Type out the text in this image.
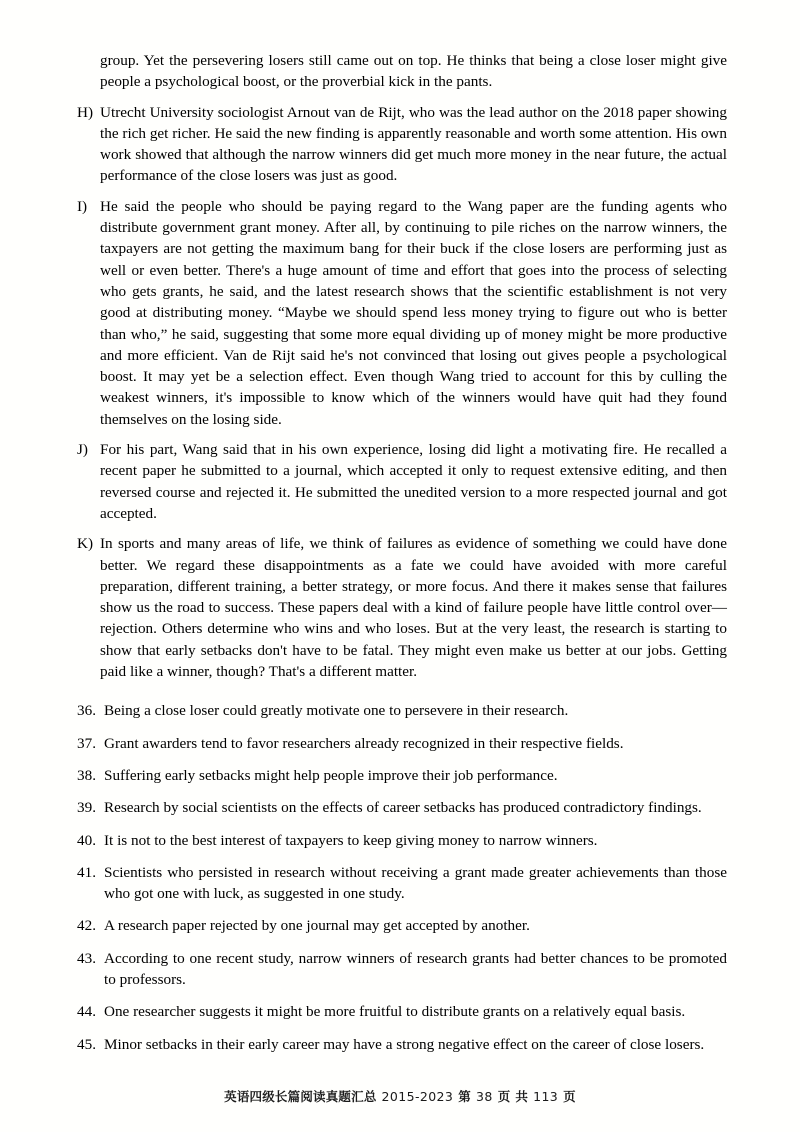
group. Yet the persevering losers still came out on top. He thinks that being a close loser might give people a psychological boost, or the proverbial kick in the pants.
H) Utrecht University sociologist Arnout van de Rijt, who was the lead author on the 2018 paper showing the rich get richer. He said the new finding is apparently reasonable and worth some attention. His own work showed that although the narrow winners did get much more money in the near future, the actual performance of the close losers was just as good.
I) He said the people who should be paying regard to the Wang paper are the funding agents who distribute government grant money. After all, by continuing to pile riches on the narrow winners, the taxpayers are not getting the maximum bang for their buck if the close losers are performing just as well or even better. There's a huge amount of time and effort that goes into the process of selecting who gets grants, he said, and the latest research shows that the scientific establishment is not very good at distributing money. “Maybe we should spend less money trying to figure out who is better than who,” he said, suggesting that some more equal dividing up of money might be more productive and more efficient. Van de Rijt said he's not convinced that losing out gives people a psychological boost. It may yet be a selection effect. Even though Wang tried to account for this by culling the weakest winners, it's impossible to know which of the winners would have quit had they found themselves on the losing side.
J) For his part, Wang said that in his own experience, losing did light a motivating fire. He recalled a recent paper he submitted to a journal, which accepted it only to request extensive editing, and then reversed course and rejected it. He submitted the unedited version to a more respected journal and got accepted.
K) In sports and many areas of life, we think of failures as evidence of something we could have done better. We regard these disappointments as a fate we could have avoided with more careful preparation, different training, a better strategy, or more focus. And there it makes sense that failures show us the road to success. These papers deal with a kind of failure people have little control over—rejection. Others determine who wins and who loses. But at the very least, the research is starting to show that early setbacks don't have to be fatal. They might even make us better at our jobs. Getting paid like a winner, though? That's a different matter.
36. Being a close loser could greatly motivate one to persevere in their research.
37. Grant awarders tend to favor researchers already recognized in their respective fields.
38. Suffering early setbacks might help people improve their job performance.
39. Research by social scientists on the effects of career setbacks has produced contradictory findings.
40. It is not to the best interest of taxpayers to keep giving money to narrow winners.
41. Scientists who persisted in research without receiving a grant made greater achievements than those who got one with luck, as suggested in one study.
42. A research paper rejected by one journal may get accepted by another.
43. According to one recent study, narrow winners of research grants had better chances to be promoted to professors.
44. One researcher suggests it might be more fruitful to distribute grants on a relatively equal basis.
45. Minor setbacks in their early career may have a strong negative effect on the career of close losers.
英语四级长篇阅读真题汇总 2015-2023 第 38 页 共 113 页
